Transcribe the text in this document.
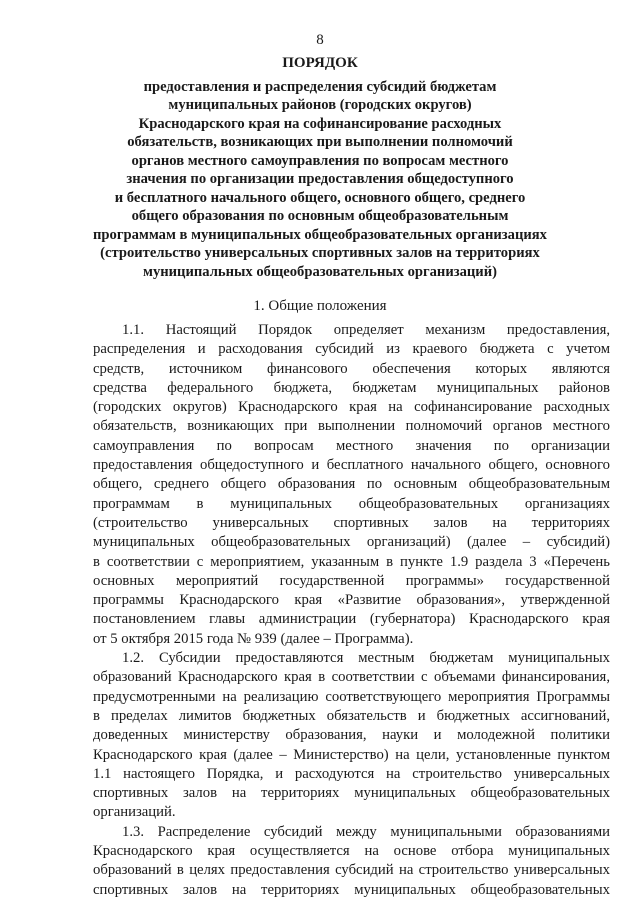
8
ПОРЯДОК
предоставления и распределения субсидий бюджетам
муниципальных районов (городских округов)
Краснодарского края на софинансирование расходных
обязательств, возникающих при выполнении полномочий
органов местного самоуправления по вопросам местного
значения по организации предоставления общедоступного
и бесплатного начального общего, основного общего, среднего
общего образования по основным общеобразовательным
программам в муниципальных общеобразовательных организациях
(строительство универсальных спортивных залов на территориях
муниципальных общеобразовательных организаций)
1. Общие положения
1.1. Настоящий Порядок определяет механизм предоставления,
распределения и расходования субсидий из краевого бюджета с учетом
средств, источником финансового обеспечения которых являются
средства федерального бюджета, бюджетам муниципальных районов
(городских округов) Краснодарского края на софинансирование расходных
обязательств, возникающих при выполнении полномочий органов местного
самоуправления по вопросам местного значения по организации
предоставления общедоступного и бесплатного начального общего, основного
общего, среднего общего образования по основным общеобразовательным
программам в муниципальных общеобразовательных организациях
(строительство универсальных спортивных залов на территориях
муниципальных общеобразовательных организаций) (далее – субсидий)
в соответствии с мероприятием, указанным в пункте 1.9 раздела 3 «Перечень
основных мероприятий государственной программы» государственной
программы Краснодарского края «Развитие образования», утвержденной
постановлением главы администрации (губернатора) Краснодарского края
от 5 октября 2015 года № 939 (далее – Программа).
1.2. Субсидии предоставляются местным бюджетам муниципальных
образований Краснодарского края в соответствии с объемами финансирования,
предусмотренными на реализацию соответствующего мероприятия Программы
в пределах лимитов бюджетных обязательств и бюджетных ассигнований,
доведенных министерству образования, науки и молодежной политики
Краснодарского края (далее – Министерство) на цели, установленные пунктом
1.1 настоящего Порядка, и расходуются на строительство универсальных
спортивных залов на территориях муниципальных общеобразовательных
организаций.
1.3. Распределение субсидий между муниципальными образованиями
Краснодарского края осуществляется на основе отбора муниципальных
образований в целях предоставления субсидий на строительство универсальных
спортивных залов на территориях муниципальных общеобразовательных
